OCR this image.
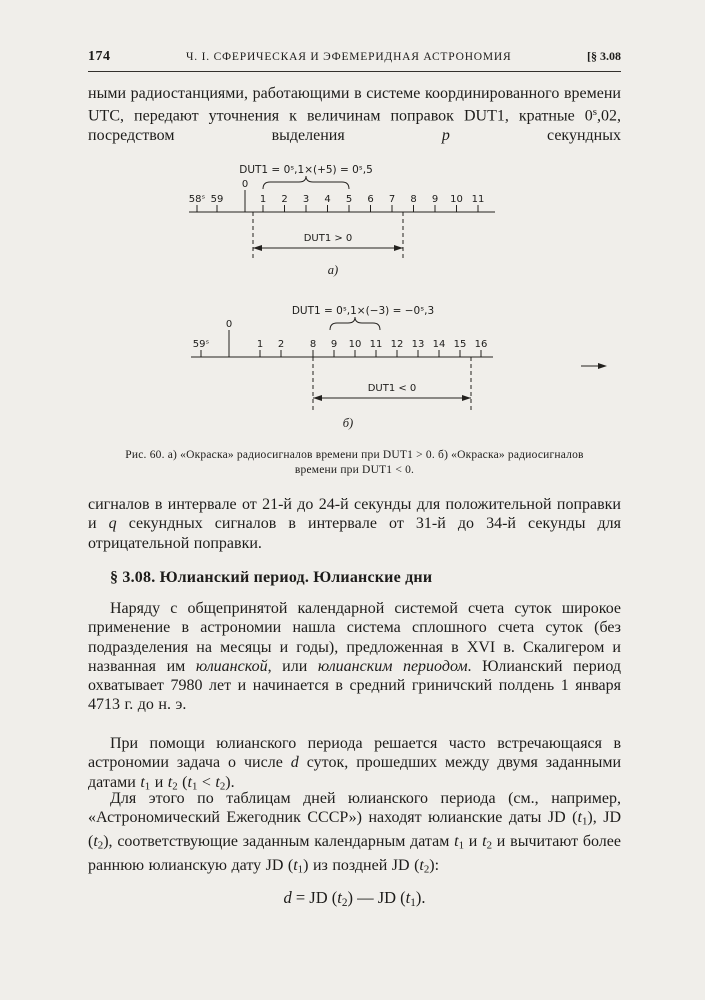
174	Ч. I. СФЕРИЧЕСКАЯ И ЭФЕМЕРИДНАЯ АСТРОНОМИЯ	[§ 3.08

ными радиостанциями, работающими в системе координированного времени UTC, передают уточнения к величинам поправок DUT1, кратные 0$^s$,02, посредством выделения p секундных

DUT1 = 0ˢ,1×(+5) = 0ˢ,5
58ˢ 59
0
1 2 3 4 5 6 7 8 9 10 11
DUT1 > 0
а)
DUT1 = 0ˢ,1×(−3) = −0ˢ,3
59ˢ
0
1 2	8 9 10 11 12 13 14 15 16
DUT1 < 0
б)
Рис. 60. а) «Окраска» радиосигналов времени при DUT1 > 0. б) «Окраска» радиосигналов
времени при DUT1 < 0.

сигналов в интервале от 21-й до 24-й секунды для положительной поправки и q секундных сигналов в интервале от 31-й до 34-й секунды для отрицательной поправки.

§ 3.08. Юлианский период. Юлианские дни

Наряду с общепринятой календарной системой счета суток широкое применение в астрономии нашла система сплошного счета суток (без подразделения на месяцы и годы), предложенная в XVI в. Скалигером и названная им юлианской, или юлианским периодом. Юлианский период охватывает 7980 лет и начинается в средний гриничский полдень 1 января 4713 г. до н. э.

При помощи юлианского периода решается часто встречающаяся в астрономии задача о числе d суток, прошедших между двумя заданными датами $t_1$ и $t_2$ $(t_1 < t_2)$.

Для этого по таблицам дней юлианского периода (см., например, «Астрономический Ежегодник СССР») находят юлианские даты JD $(t_1)$, JD $(t_2)$, соответствующие заданным календарным датам $t_1$ и $t_2$ и вычитают более раннюю юлианскую дату JD $(t_1)$ из поздней JD $(t_2)$:

d = JD $(t_2)$ — JD $(t_1)$.
